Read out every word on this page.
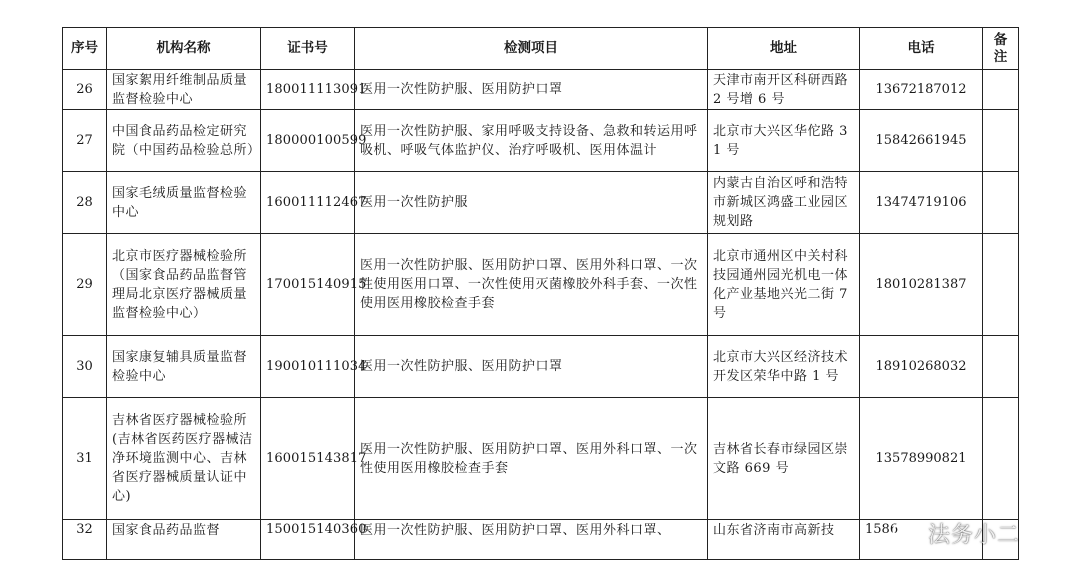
序号	机构名称	证书号	检测项目	地址	电话	备注
26	国家絮用纤维制品质量监督检验中心	180011113091	医用一次性防护服、医用防护口罩	天津市南开区科研西路 2 号增 6 号	13672187012	
27	中国食品药品检定研究院（中国药品检验总所）	180000100599	医用一次性防护服、家用呼吸支持设备、急救和转运用呼吸机、呼吸气体监护仪、治疗呼吸机、医用体温计	北京市大兴区华佗路 31 号	15842661945	
28	国家毛绒质量监督检验中心	160011112467	医用一次性防护服	内蒙古自治区呼和浩特市新城区鸿盛工业园区规划路	13474719106	
29	北京市医疗器械检验所（国家食品药品监督管理局北京医疗器械质量监督检验中心）	170015140915	医用一次性防护服、医用防护口罩、医用外科口罩、一次性使用医用口罩、一次性使用灭菌橡胶外科手套、一次性使用医用橡胶检查手套	北京市通州区中关村科技园通州园光机电一体化产业基地兴光二街 7 号	18010281387	
30	国家康复辅具质量监督检验中心	190010111034	医用一次性防护服、医用防护口罩	北京市大兴区经济技术开发区荣华中路 1 号	18910268032	
31	吉林省医疗器械检验所(吉林省医药医疗器械洁净环境监测中心、吉林省医疗器械质量认证中心)	160015143817	医用一次性防护服、医用防护口罩、医用外科口罩、一次性使用医用橡胶检查手套	吉林省长春市绿园区崇文路 669 号	13578990821	
32	国家食品药品监督	150015140360	医用一次性防护服、医用防护口罩、医用外科口罩、	山东省济南市高新技	1586	法务小二
